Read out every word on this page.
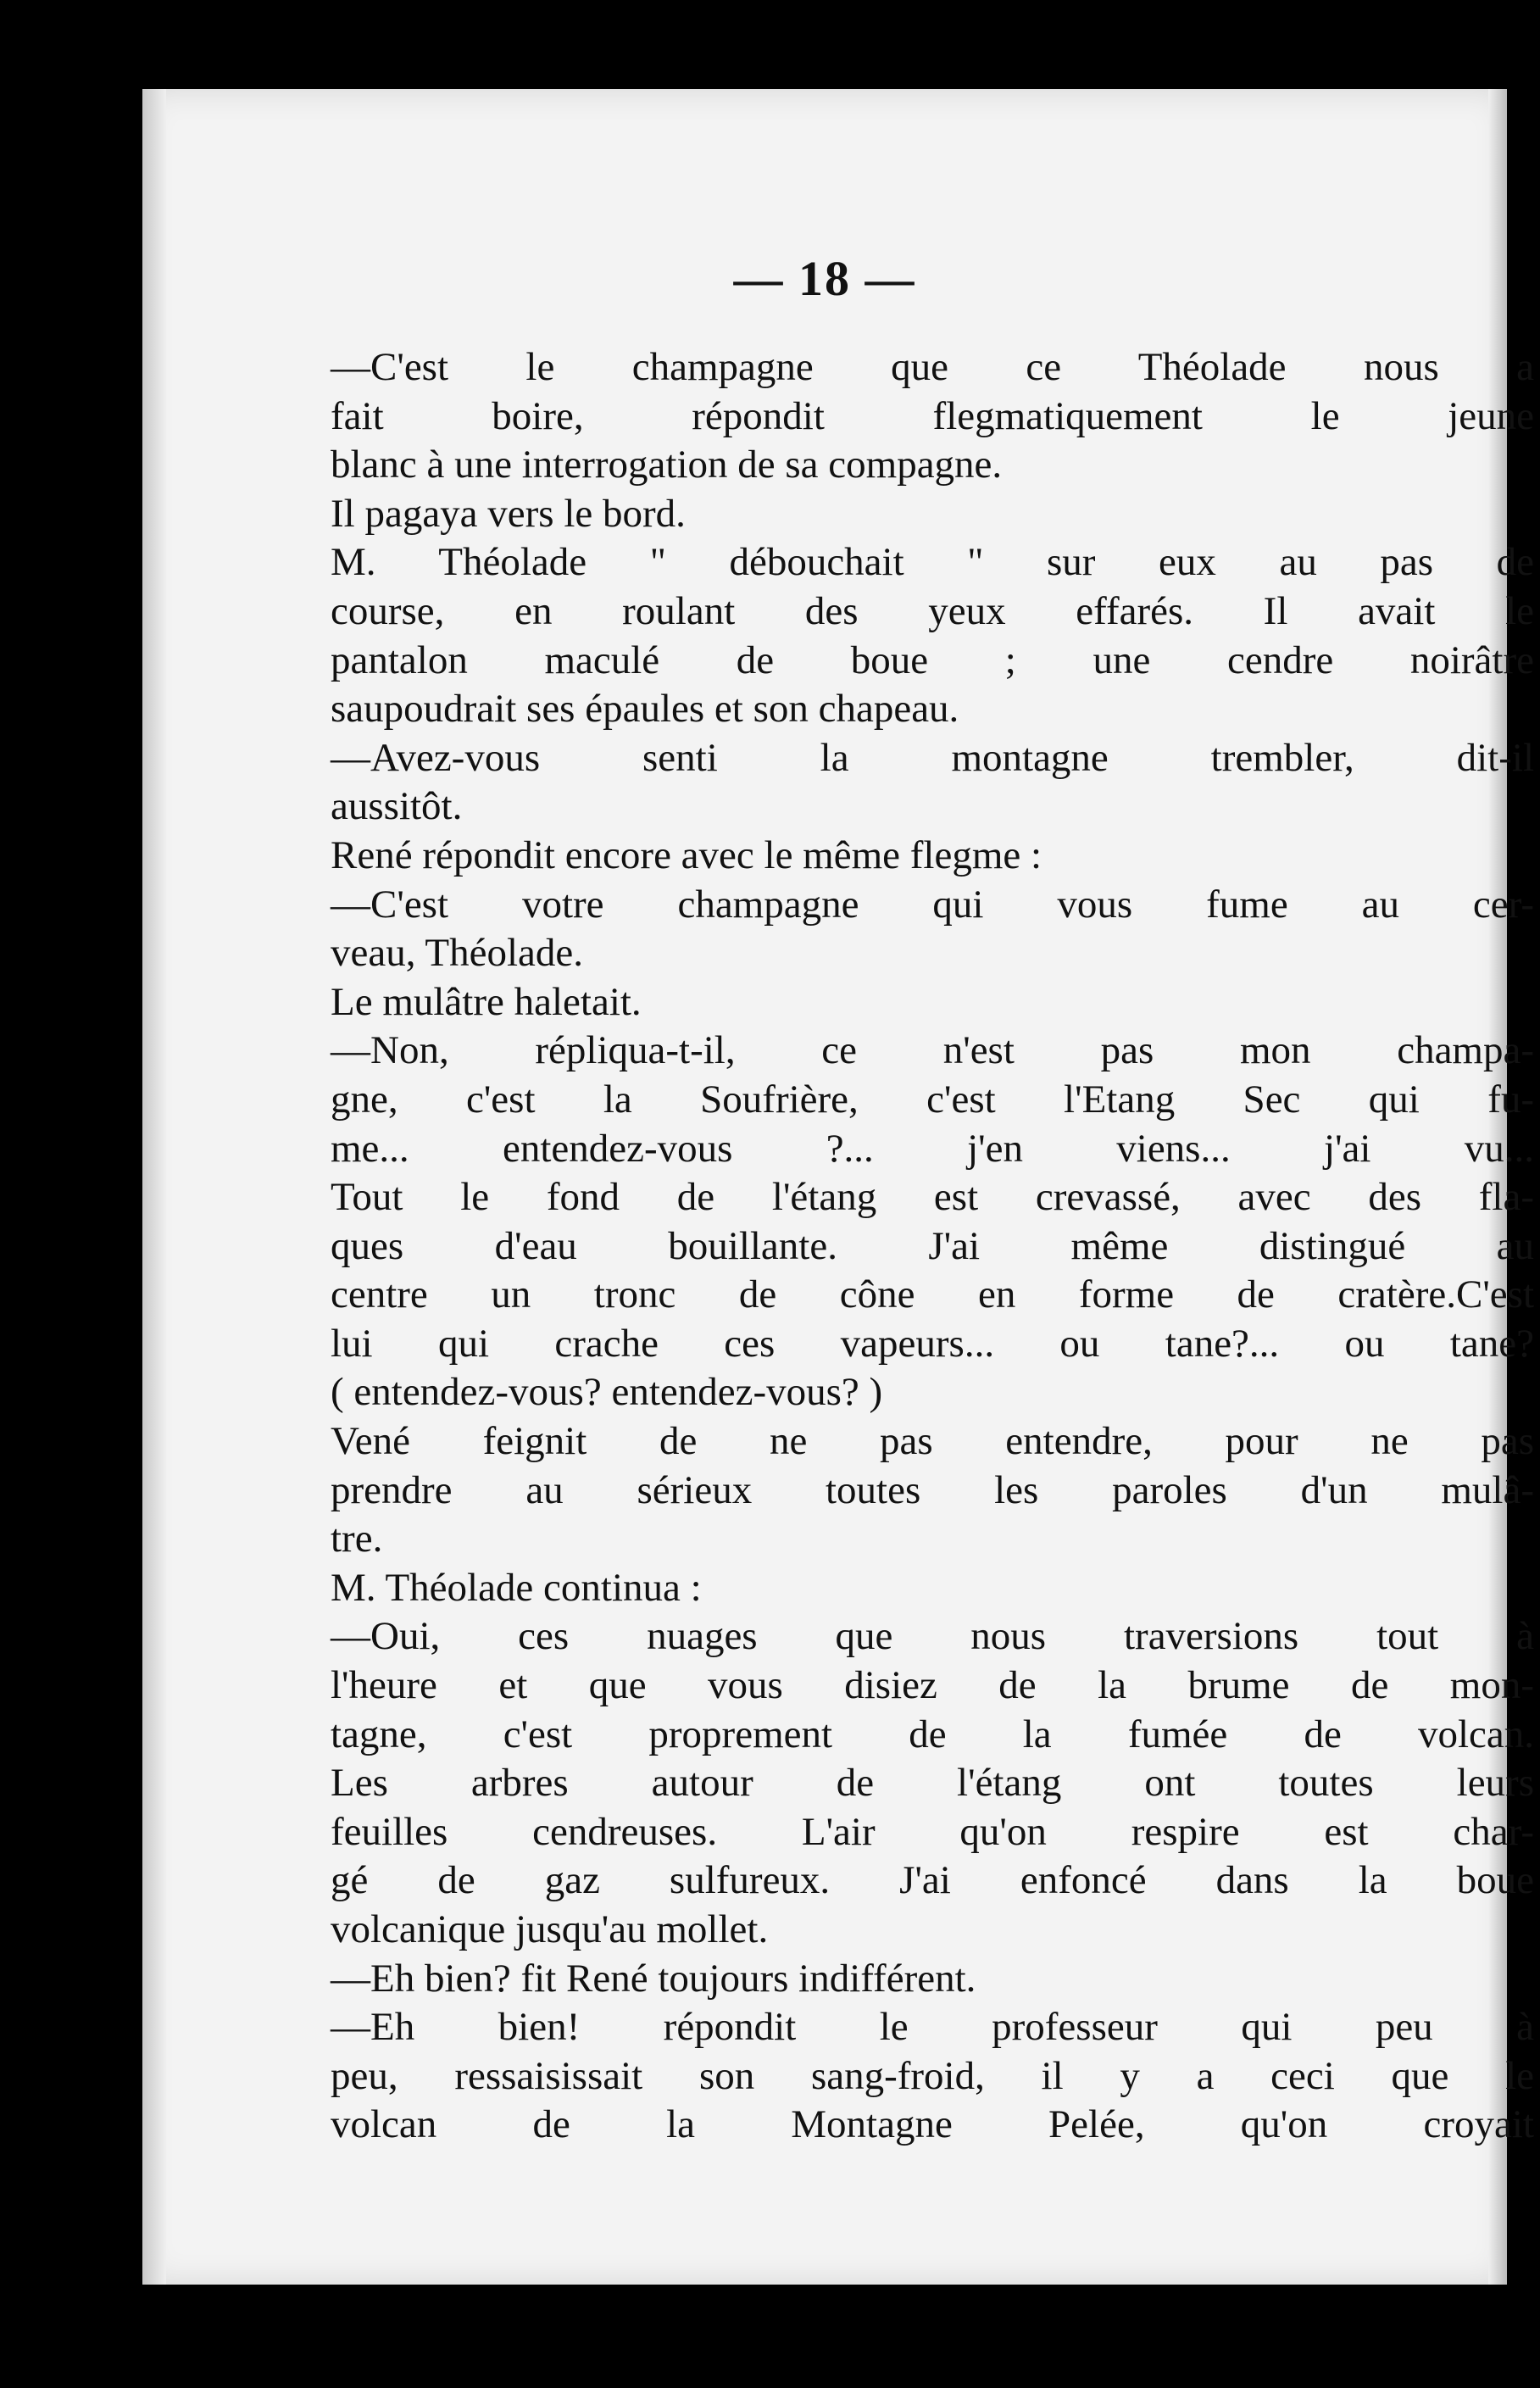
— 18 —
—C'est le champagne que ce Théolade nous a
fait boire, répondit flegmatiquement le jeune
blanc à une interrogation de sa compagne.
Il pagaya vers le bord.
M. Théolade " débouchait " sur eux au pas de
course, en roulant des yeux effarés. Il avait le
pantalon maculé de boue ; une cendre noirâtre
saupoudrait ses épaules et son chapeau.
—Avez-vous senti la montagne trembler, dit-il
aussitôt.
René répondit encore avec le même flegme :
—C'est votre champagne qui vous fume au cer-
veau, Théolade.
Le mulâtre haletait.
—Non, répliqua-t-il, ce n'est pas mon champa-
gne, c'est la Soufrière, c'est l'Etang Sec qui fu-
me... entendez-vous ?... j'en viens... j'ai vu...
Tout le fond de l'étang est crevassé, avec des fla-
ques d'eau bouillante. J'ai même distingué au
centre un tronc de cône en forme de cratère.C'est
lui qui crache ces vapeurs... ou tane?... ou tane?
( entendez-vous? entendez-vous? )
Vené feignit de ne pas entendre, pour ne pas
prendre au sérieux toutes les paroles d'un mulâ-
tre.
M. Théolade continua :
—Oui, ces nuages que nous traversions tout à
l'heure et que vous disiez de la brume de mon-
tagne, c'est proprement de la fumée de volcan.
Les arbres autour de l'étang ont toutes leurs
feuilles cendreuses. L'air qu'on respire est char-
gé de gaz sulfureux. J'ai enfoncé dans la boue
volcanique jusqu'au mollet.
—Eh bien? fit René toujours indifférent.
—Eh bien! répondit le professeur qui peu à
peu, ressaisissait son sang-froid, il y a ceci que le
volcan de la Montagne Pelée, qu'on croyait
